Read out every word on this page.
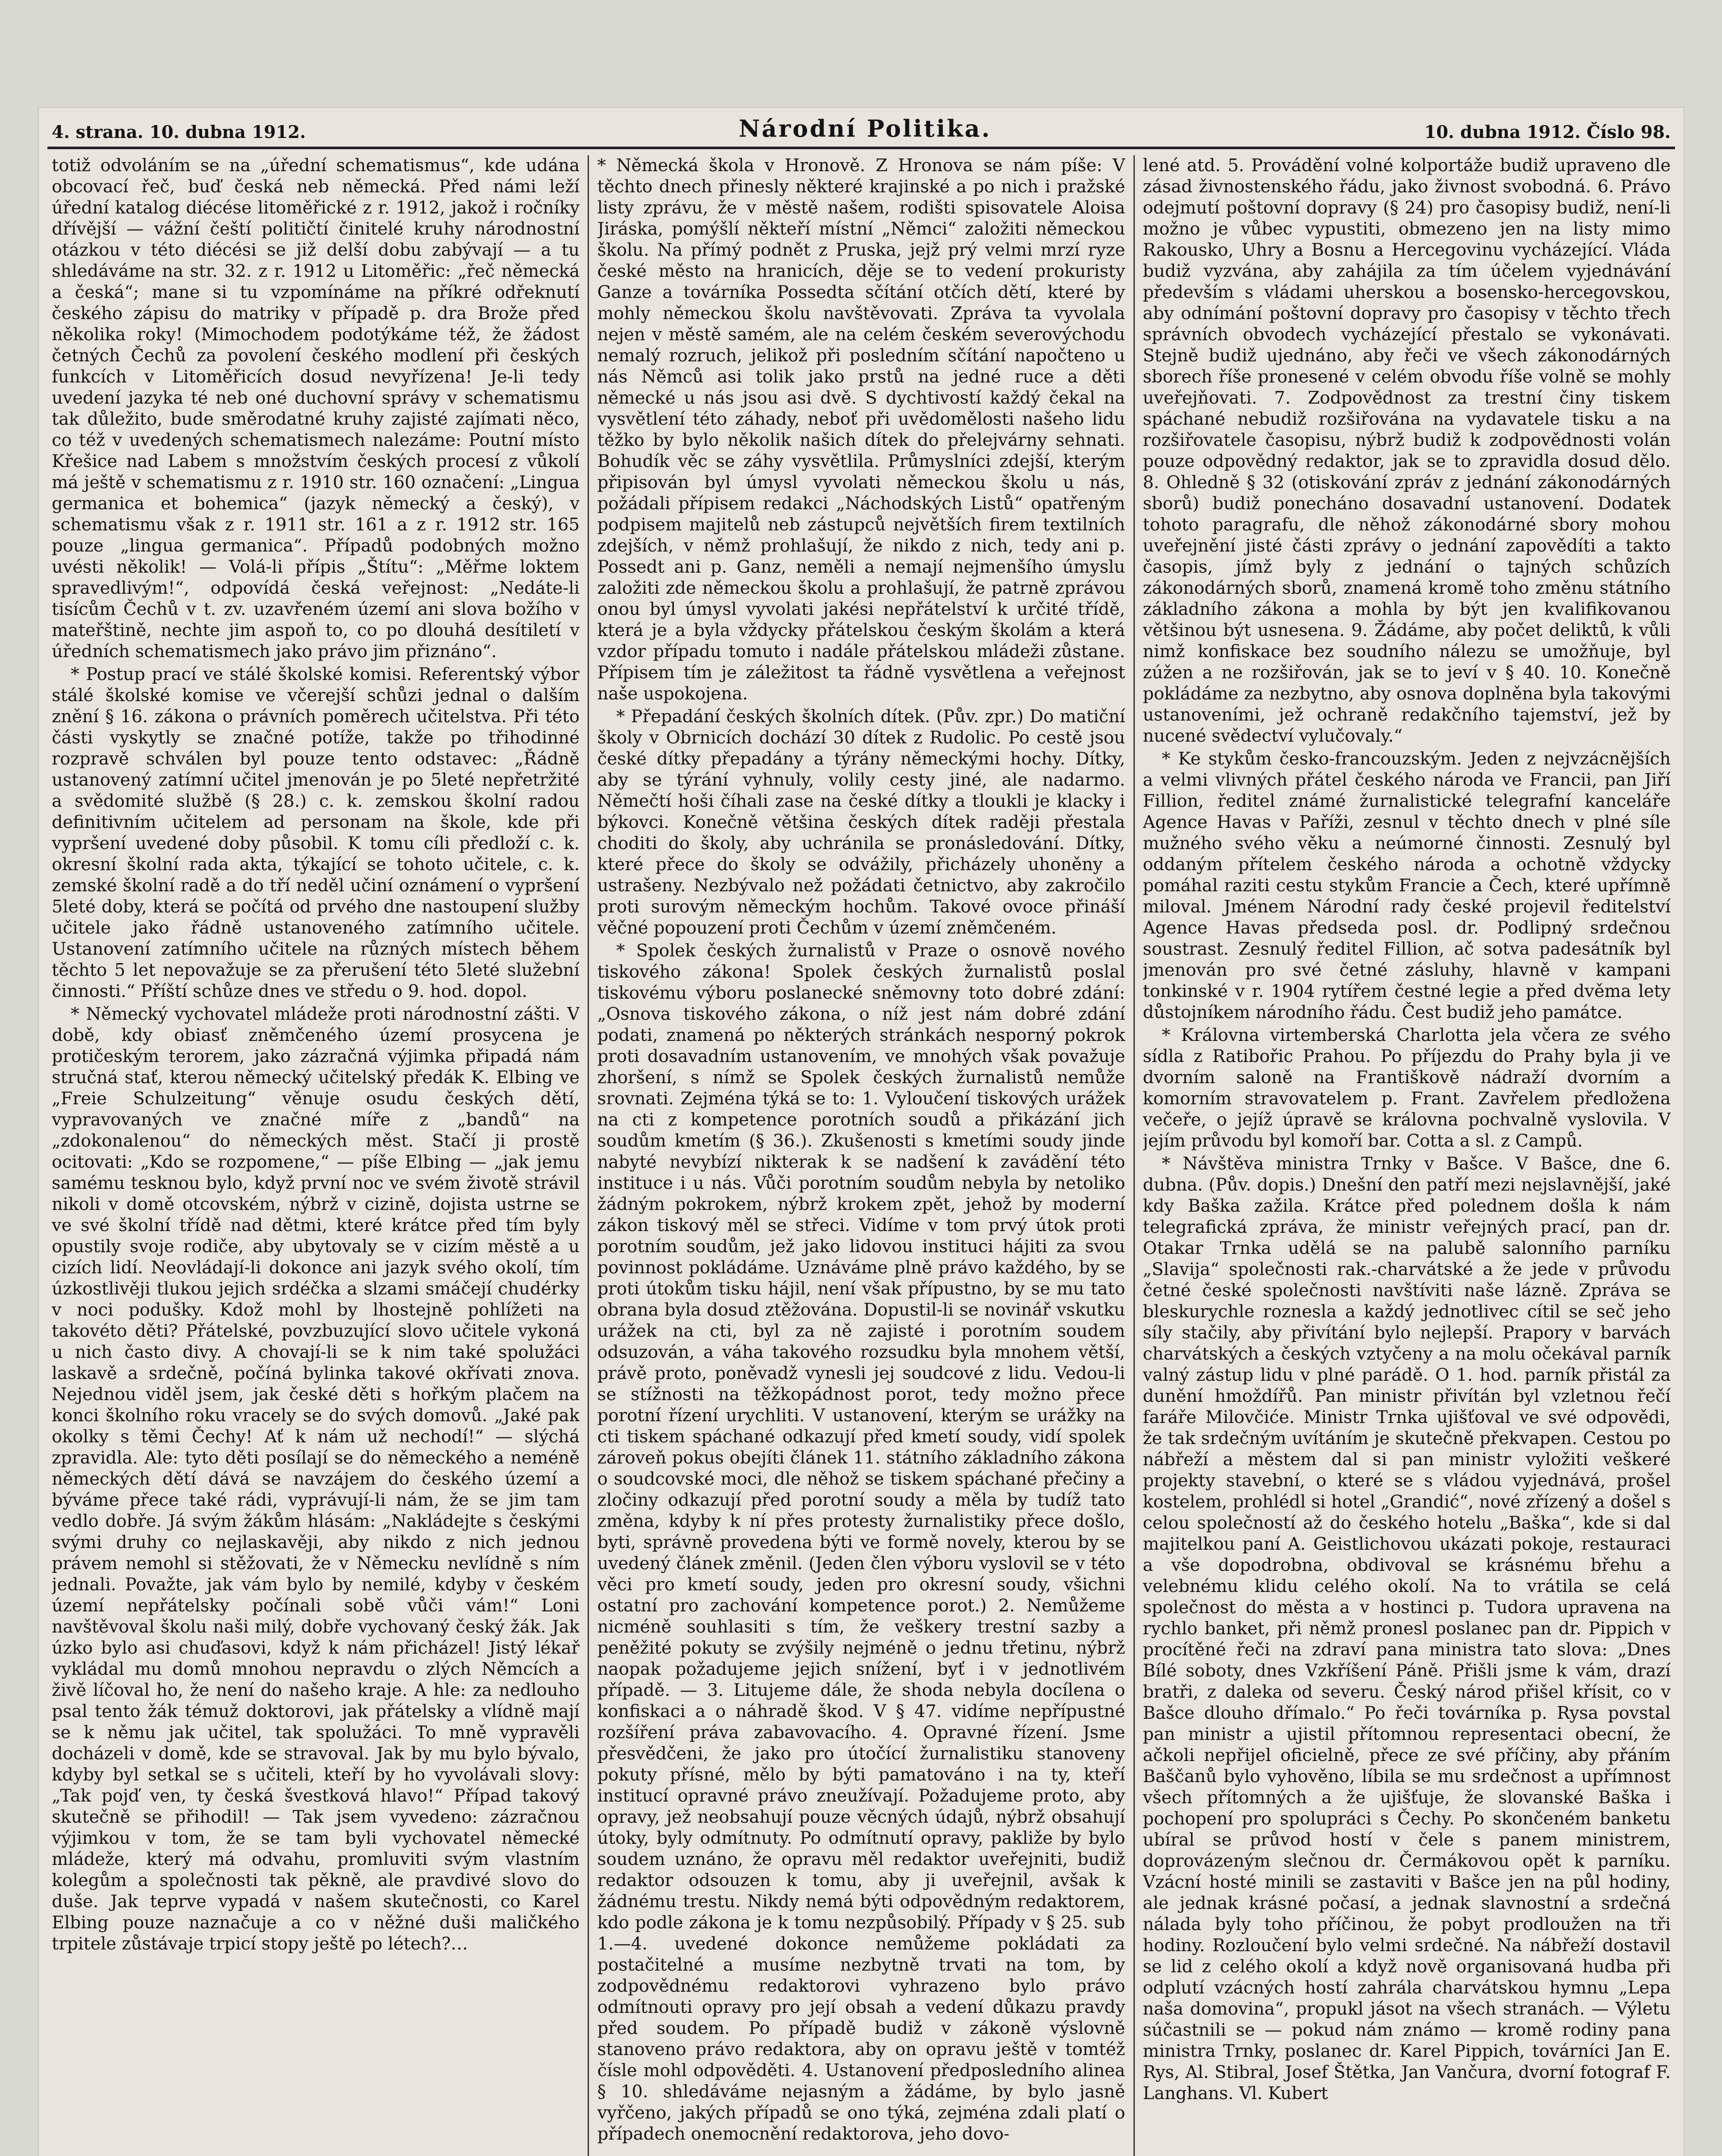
4. strana. 10. dubna 1912.	Národní Politika.	10. dubna 1912. Číslo 98.

totiž odvoláním se na „úřední schematismus“, kde udána obcovací řeč, buď česká neb německá. Před námi leží úřední katalog diécése litoměřické z r. 1912, jakož i ročníky dřívější — vážní čeští političtí činitelé kruhy národnostní otázkou v této diécési se již delší dobu zabývají — a tu shledáváme na str. 32. z r. 1912 u Litoměřic: „řeč německá a česká“; mane si tu vzpomínáme na příkré odřeknutí českého zápisu do matriky v případě p. dra Brože před několika roky! (Mimochodem podotýkáme též, že žádost četných Čechů za povolení českého modlení při českých funkcích v Litoměřicích dosud nevyřízena! Je-li tedy uvedení jazyka té neb oné duchovní správy v schematismu tak důležito, bude směrodatné kruhy zajisté zajímati něco, co též v uvedených schematismech nalezáme: Poutní místo Křešice nad Labem s množstvím českých procesí z vůkolí má ještě v schematismu z r. 1910 str. 160 označení: „Lingua germanica et bohemica“ (jazyk německý a český), v schematismu však z r. 1911 str. 161 a z r. 1912 str. 165 pouze „lingua germanica“. Případů podobných možno uvésti několik! — Volá-li přípis „Štítu“: „Měřme loktem spravedlivým!“, odpovídá česká veřejnost: „Nedáte-li tisícům Čechů v t. zv. uzavřeném území ani slova božího v mateřštině, nechte jim aspoň to, co po dlouhá desítiletí v úředních schematismech jako právo jim přiznáno“.

* Postup prací ve stálé školské komisi. Referentský výbor stálé školské komise ve včerejší schůzi jednal o dalším znění § 16. zákona o právních poměrech učitelstva. Při této části vyskytly se značné potíže, takže po třihodinné rozpravě schválen byl pouze tento odstavec: „Řádně ustanovený zatímní učitel jmenován je po 5leté nepřetržité a svědomité službě (§ 28.) c. k. zemskou školní radou definitivním učitelem ad personam na škole, kde při vypršení uvedené doby působil. K tomu cíli předloží c. k. okresní školní rada akta, týkající se tohoto učitele, c. k. zemské školní radě a do tří neděl učiní oznámení o vypršení 5leté doby, která se počítá od prvého dne nastoupení služby učitele jako řádně ustanoveného zatímního učitele. Ustanovení zatímního učitele na různých místech během těchto 5 let nepovažuje se za přerušení této 5leté služební činnosti.“ Příští schůze dnes ve středu o 9. hod. dopol.

* Německý vychovatel mládeže proti národnostní zášti. V době, kdy obiasť zněmčeného území prosycena je protičeským terorem, jako zázračná výjimka připadá nám stručná stať, kterou německý učitelský předák K. Elbing ve „Freie Schulzeitung“ věnuje osudu českých dětí, vypravovaných ve značné míře z „bandů“ na „zdokonalenou“ do německých měst. Stačí ji prostě ocitovati: „Kdo se rozpomene,“ — píše Elbing — „jak jemu samému tesknou bylo, když první noc ve svém životě strávil nikoli v domě otcovském, nýbrž v cizině, dojista ustrne se ve své školní třídě nad dětmi, které krátce před tím byly opustily svoje rodiče, aby ubytovaly se v cizím městě a u cizích lidí. Neovládají-li dokonce ani jazyk svého okolí, tím úzkostlivěji tlukou jejich srdéčka a slzami smáčejí chudérky v noci podušky. Kdož mohl by lhostejně pohlížeti na takovéto děti? Přátelské, povzbuzující slovo učitele vykoná u nich často divy. A chovají-li se k nim také spolužáci laskavě a srdečně, počíná bylinka takové okřívati znova. Nejednou viděl jsem, jak české děti s hořkým plačem na konci školního roku vracely se do svých domovů. „Jaké pak okolky s těmi Čechy! Ať k nám už nechodí!“ — slýchá zpravidla. Ale: tyto děti posílají se do německého a neméně německých dětí dává se navzájem do českého území a býváme přece také rádi, vyprávují-li nám, že se jim tam vedlo dobře. Já svým žákům hlásám: „Nakládejte s českými svými druhy co nejlaskavěji, aby nikdo z nich jednou právem nemohl si stěžovati, že v Německu nevlídně s ním jednali. Považte, jak vám bylo by nemilé, kdyby v českém území nepřátelsky počínali sobě vůči vám!“ Loni navštěvoval školu naši milý, dobře vychovaný český žák. Jak úzko bylo asi chuďasovi, když k nám přicházel! Jistý lékař vykládal mu domů mnohou nepravdu o zlých Němcích a živě líčoval ho, že není do našeho kraje. A hle: za nedlouho psal tento žák témuž doktorovi, jak přátelsky a vlídně mají se k němu jak učitel, tak spolužáci. To mně vypravěli docházeli v domě, kde se stravoval. Jak by mu bylo bývalo, kdyby byl setkal se s učiteli, kteří by ho vyvolávali slovy: „Tak pojď ven, ty česká švestková hlavo!“ Případ takový skutečně se přihodil! — Tak jsem vyvedeno: zázračnou výjimkou v tom, že se tam byli vychovatel německé mládeže, který má odvahu, promluviti svým vlastním kolegům a společnosti tak pěkně, ale pravdivé slovo do duše. Jak teprve vypadá v našem skutečnosti, co Karel Elbing pouze naznačuje a co v něžné duši maličkého trpitele zůstávaje trpicí stopy ještě po létech?…

* Německá škola v Hronově. Z Hronova se nám píše: V těchto dnech přinesly některé krajinské a po nich i pražské listy zprávu, že v městě našem, rodišti spisovatele Aloisa Jiráska, pomýšlí někteří místní „Němci“ založiti německou školu. Na přímý podnět z Pruska, jejž prý velmi mrzí ryze české město na hranicích, děje se to vedení prokuristy Ganze a továrníka Possedta sčítání otčích dětí, které by mohly německou školu navštěvovati. Zpráva ta vyvolala nejen v městě samém, ale na celém českém severovýchodu nemalý rozruch, jelikož při posledním sčítání napočteno u nás Němců asi tolik jako prstů na jedné ruce a děti německé u nás jsou asi dvě. S dychtivostí každý čekal na vysvětlení této záhady, neboť při uvědomělosti našeho lidu těžko by bylo několik našich dítek do přelejvárny sehnati. Bohudík věc se záhy vysvětlila. Průmyslníci zdejší, kterým připisován byl úmysl vyvolati německou školu u nás, požádali přípisem redakci „Náchodských Listů“ opatřeným podpisem majitelů neb zástupců největších firem textilních zdejších, v němž prohlašují, že nikdo z nich, tedy ani p. Possedt ani p. Ganz, neměli a nemají nejmenšího úmyslu založiti zde německou školu a prohlašují, že patrně zprávou onou byl úmysl vyvolati jakési nepřátelství k určité třídě, která je a byla vždycky přátelskou českým školám a která vzdor případu tomuto i nadále přátelskou mládeži zůstane. Přípisem tím je záležitost ta řádně vysvětlena a veřejnost naše uspokojena.

* Přepadání českých školních dítek. (Pův. zpr.) Do matiční školy v Obrnicích dochází 30 dítek z Rudolic. Po cestě jsou české dítky přepadány a týrány německými hochy. Dítky, aby se týrání vyhnuly, volily cesty jiné, ale nadarmo. Němečtí hoši číhali zase na české dítky a tloukli je klacky i býkovci. Konečně většina českých dítek raději přestala choditi do školy, aby uchránila se pronásledování. Dítky, které přece do školy se odvážily, přicházely uhoněny a ustrašeny. Nezbývalo než požádati četnictvo, aby zakročilo proti surovým německým hochům. Takové ovoce přináší věčné popouzení proti Čechům v území zněmčeném.

* Spolek českých žurnalistů v Praze o osnově nového tiskového zákona! Spolek českých žurnalistů poslal tiskovému výboru poslanecké sněmovny toto dobré zdání: „Osnova tiskového zákona, o níž jest nám dobré zdání podati, znamená po některých stránkách nesporný pokrok proti dosavadním ustanovením, ve mnohých však považuje zhoršení, s nímž se Spolek českých žurnalistů nemůže srovnati. Zejména týká se to: 1. Vyloučení tiskových urážek na cti z kompetence porotních soudů a přikázání jich soudům kmetím (§ 36.). Zkušenosti s kmetími soudy jinde nabyté nevybízí nikterak k se nadšení k zavádění této instituce i u nás. Vůči porotním soudům nebyla by netoliko žádným pokrokem, nýbrž krokem zpět, jehož by moderní zákon tiskový měl se střeci. Vidíme v tom prvý útok proti porotním soudům, jež jako lidovou instituci hájiti za svou povinnost pokládáme. Uznáváme plně právo každého, by se proti útokům tisku hájil, není však přípustno, by se mu tato obrana byla dosud ztěžována. Dopustil-li se novinář vskutku urážek na cti, byl za ně zajisté i porotním soudem odsuzován, a váha takového rozsudku byla mnohem větší, právě proto, poněvadž vynesli jej soudcové z lidu. Vedou-li se stížnosti na těžkopádnost porot, tedy možno přece porotní řízení urychliti. V ustanovení, kterým se urážky na cti tiskem spáchané odkazují před kmetí soudy, vidí spolek zároveň pokus obejíti článek 11. státního základního zákona o soudcovské moci, dle něhož se tiskem spáchané přečiny a zločiny odkazují před porotní soudy a měla by tudíž tato změna, kdyby k ní přes protesty žurnalistiky přece došlo, byti, správně provedena býti ve formě novely, kterou by se uvedený článek změnil. (Jeden člen výboru vyslovil se v této věci pro kmetí soudy, jeden pro okresní soudy, všichni ostatní pro zachování kompetence porot.) 2. Nemůžeme nicméně souhlasiti s tím, že veškery trestní sazby a peněžité pokuty se zvýšily nejméně o jednu třetinu, nýbrž naopak požadujeme jejich snížení, byť i v jednotlivém případě. — 3. Litujeme dále, že shoda nebyla docílena o konfiskaci a o náhradě škod. V § 47. vidíme nepřípustné rozšíření práva zabavovacího. 4. Opravné řízení. Jsme přesvědčeni, že jako pro útočící žurnalistiku stanoveny pokuty přísné, mělo by býti pamatováno i na ty, kteří institucí opravné právo zneužívají. Požadujeme proto, aby opravy, jež neobsahují pouze věcných údajů, nýbrž obsahují útoky, byly odmítnuty. Po odmítnutí opravy, pakliže by bylo soudem uznáno, že opravu měl redaktor uveřejniti, budiž redaktor odsouzen k tomu, aby ji uveřejnil, avšak k žádnému trestu. Nikdy nemá býti odpovědným redaktorem, kdo podle zákona je k tomu nezpůsobilý. Případy v § 25. sub 1.—4. uvedené dokonce nemůžeme pokládati za postačitelné a musíme nezbytně trvati na tom, by zodpovědnému redaktorovi vyhrazeno bylo právo odmítnouti opravy pro její obsah a vedení důkazu pravdy před soudem. Po případě budiž v zákoně výslovně stanoveno právo redaktora, aby on opravu ještě v tomtéž čísle mohl odpověděti. 4. Ustanovení předposledního alinea § 10. shledáváme nejasným a žádáme, by bylo jasně vyřčeno, jakých případů se ono týká, zejména zdali platí o případech onemocnění redaktorova, jeho dovo-

lené atd. 5. Provádění volné kolportáže budiž upraveno dle zásad živnostenského řádu, jako živnost svobodná. 6. Právo odejmutí poštovní dopravy (§ 24) pro časopisy budiž, není-li možno je vůbec vypustiti, obmezeno jen na listy mimo Rakousko, Uhry a Bosnu a Hercegovinu vycházející. Vláda budiž vyzvána, aby zahájila za tím účelem vyjednávání především s vládami uherskou a bosensko-hercegovskou, aby odnímání poštovní dopravy pro časopisy v těchto třech správních obvodech vycházející přestalo se vykonávati. Stejně budiž ujednáno, aby řeči ve všech zákonodárných sborech říše pronesené v celém obvodu říše volně se mohly uveřejňovati. 7. Zodpovědnost za trestní činy tiskem spáchané nebudiž rozšiřována na vydavatele tisku a na rozšiřovatele časopisu, nýbrž budiž k zodpovědnosti volán pouze odpovědný redaktor, jak se to zpravidla dosud dělo. 8. Ohledně § 32 (otiskování zpráv z jednání zákonodárných sborů) budiž ponecháno dosavadní ustanovení. Dodatek tohoto paragrafu, dle něhož zákonodárné sbory mohou uveřejnění jisté části zprávy o jednání zapovědíti a takto časopis, jímž byly z jednání o tajných schůzích zákonodárných sborů, znamená kromě toho změnu státního základního zákona a mohla by být jen kvalifikovanou většinou být usnesena. 9. Žádáme, aby počet deliktů, k vůli nimž konfiskace bez soudního nálezu se umožňuje, byl zúžen a ne rozšiřován, jak se to jeví v § 40. 10. Konečně pokládáme za nezbytno, aby osnova doplněna byla takovými ustanoveními, jež ochraně redakčního tajemství, jež by nucené svědectví vylučovaly.“

* Ke stykům česko-francouzským. Jeden z nejvzácnějších a velmi vlivných přátel českého národa ve Francii, pan Jiří Fillion, ředitel známé žurnalistické telegrafní kanceláře Agence Havas v Paříži, zesnul v těchto dnech v plné síle mužného svého věku a neúmorné činnosti. Zesnulý byl oddaným přítelem českého národa a ochotně vždycky pomáhal raziti cestu stykům Francie a Čech, které upřímně miloval. Jménem Národní rady české projevil ředitelství Agence Havas předseda posl. dr. Podlipný srdečnou soustrast. Zesnulý ředitel Fillion, ač sotva padesátník byl jmenován pro své četné zásluhy, hlavně v kampani tonkinské v r. 1904 rytířem čestné legie a před dvěma lety důstojníkem národního řádu. Čest budiž jeho památce.

* Královna virtemberská Charlotta jela včera ze svého sídla z Ratibořic Prahou. Po příjezdu do Prahy byla ji ve dvorním saloně na Františkově nádraží dvorním a komorním stravovatelem p. Frant. Zavřelem předložena večeře, o jejíž úpravě se královna pochvalně vyslovila. V jejím průvodu byl komoří bar. Cotta a sl. z Campů.

* Návštěva ministra Trnky v Bašce. V Bašce, dne 6. dubna. (Pův. dopis.) Dnešní den patří mezi nejslavnější, jaké kdy Baška zažila. Krátce před polednem došla k nám telegrafická zpráva, že ministr veřejných prací, pan dr. Otakar Trnka udělá se na palubě salonního parníku „Slavija“ společnosti rak.-charvátské a že jede v průvodu četné české společnosti navštíviti naše lázně. Zpráva se bleskurychle roznesla a každý jednotlivec cítil se seč jeho síly stačily, aby přivítání bylo nejlepší. Prapory v barvách charvátských a českých vztyčeny a na molu očekával parník valný zástup lidu v plné parádě. O 1. hod. parník přistál za dunění hmoždířů. Pan ministr přivítán byl vzletnou řečí faráře Milovčiće. Ministr Trnka ujišťoval ve své odpovědi, že tak srdečným uvítáním je skutečně překvapen. Cestou po nábřeží a městem dal si pan ministr vyložiti veškeré projekty stavební, o které se s vládou vyjednává, prošel kostelem, prohlédl si hotel „Grandić“, nové zřízený a došel s celou společností až do českého hotelu „Baška“, kde si dal majitelkou paní A. Geistlichovou ukázati pokoje, restauraci a vše dopodrobna, obdivoval se krásnému břehu a velebnému klidu celého okolí. Na to vrátila se celá společnost do města a v hostinci p. Tudora upravena na rychlo banket, při němž pronesl poslanec pan dr. Pippich v procítěné řeči na zdraví pana ministra tato slova: „Dnes Bílé soboty, dnes Vzkříšení Páně. Přišli jsme k vám, drazí bratři, z daleka od severu. Český národ přišel křísit, co v Bašce dlouho dřímalo.“ Po řeči továrníka p. Rysa povstal pan ministr a ujistil přítomnou representaci obecní, že ačkoli nepřijel oficielně, přece ze své příčiny, aby přáním Baščanů bylo vyhověno, líbila se mu srdečnost a upřímnost všech přítomných a že ujišťuje, že slovanské Baška i pochopení pro spolupráci s Čechy. Po skončeném banketu ubíral se průvod hostí v čele s panem ministrem, doprovázeným slečnou dr. Čermákovou opět k parníku. Vzácní hosté minili se zastaviti v Bašce jen na půl hodiny, ale jednak krásné počasí, a jednak slavnostní a srdečná nálada byly toho příčinou, že pobyt prodloužen na tři hodiny. Rozloučení bylo velmi srdečné. Na nábřeží dostavil se lid z celého okolí a když nově organisovaná hudba při odplutí vzácných hostí zahrála charvátskou hymnu „Lepa naša domovina“, propukl jásot na všech stranách. — Výletu súčastnili se — pokud nám známo — kromě rodiny pana ministra Trnky, poslanec dr. Karel Pippich, továrníci Jan E. Rys, Al. Stibral, Josef Štětka, Jan Vančura, dvorní fotograf F. Langhans. Vl. Kubert
